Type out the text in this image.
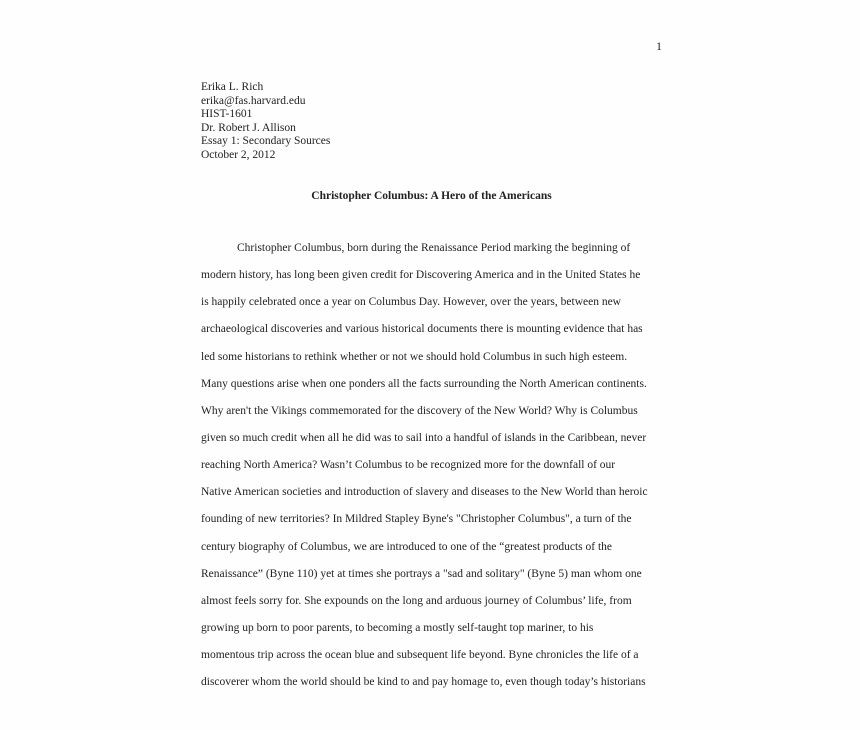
1
Erika L. Rich
erika@fas.harvard.edu
HIST-1601
Dr. Robert J. Allison
Essay 1: Secondary Sources
October 2, 2012
Christopher Columbus: A Hero of the Americans
Christopher Columbus, born during the Renaissance Period marking the beginning of
modern history, has long been given credit for Discovering America and in the United States he
is happily celebrated once a year on Columbus Day. However, over the years, between new
archaeological discoveries and various historical documents there is mounting evidence that has
led some historians to rethink whether or not we should hold Columbus in such high esteem.
Many questions arise when one ponders all the facts surrounding the North American continents.
Why aren't the Vikings commemorated for the discovery of the New World? Why is Columbus
given so much credit when all he did was to sail into a handful of islands in the Caribbean, never
reaching North America? Wasn’t Columbus to be recognized more for the downfall of our
Native American societies and introduction of slavery and diseases to the New World than heroic
founding of new territories? In Mildred Stapley Byne's "Christopher Columbus", a turn of the
century biography of Columbus, we are introduced to one of the “greatest products of the
Renaissance” (Byne 110) yet at times she portrays a "sad and solitary" (Byne 5) man whom one
almost feels sorry for. She expounds on the long and arduous journey of Columbus’ life, from
growing up born to poor parents, to becoming a mostly self-taught top mariner, to his
momentous trip across the ocean blue and subsequent life beyond. Byne chronicles the life of a
discoverer whom the world should be kind to and pay homage to, even though today’s historians
